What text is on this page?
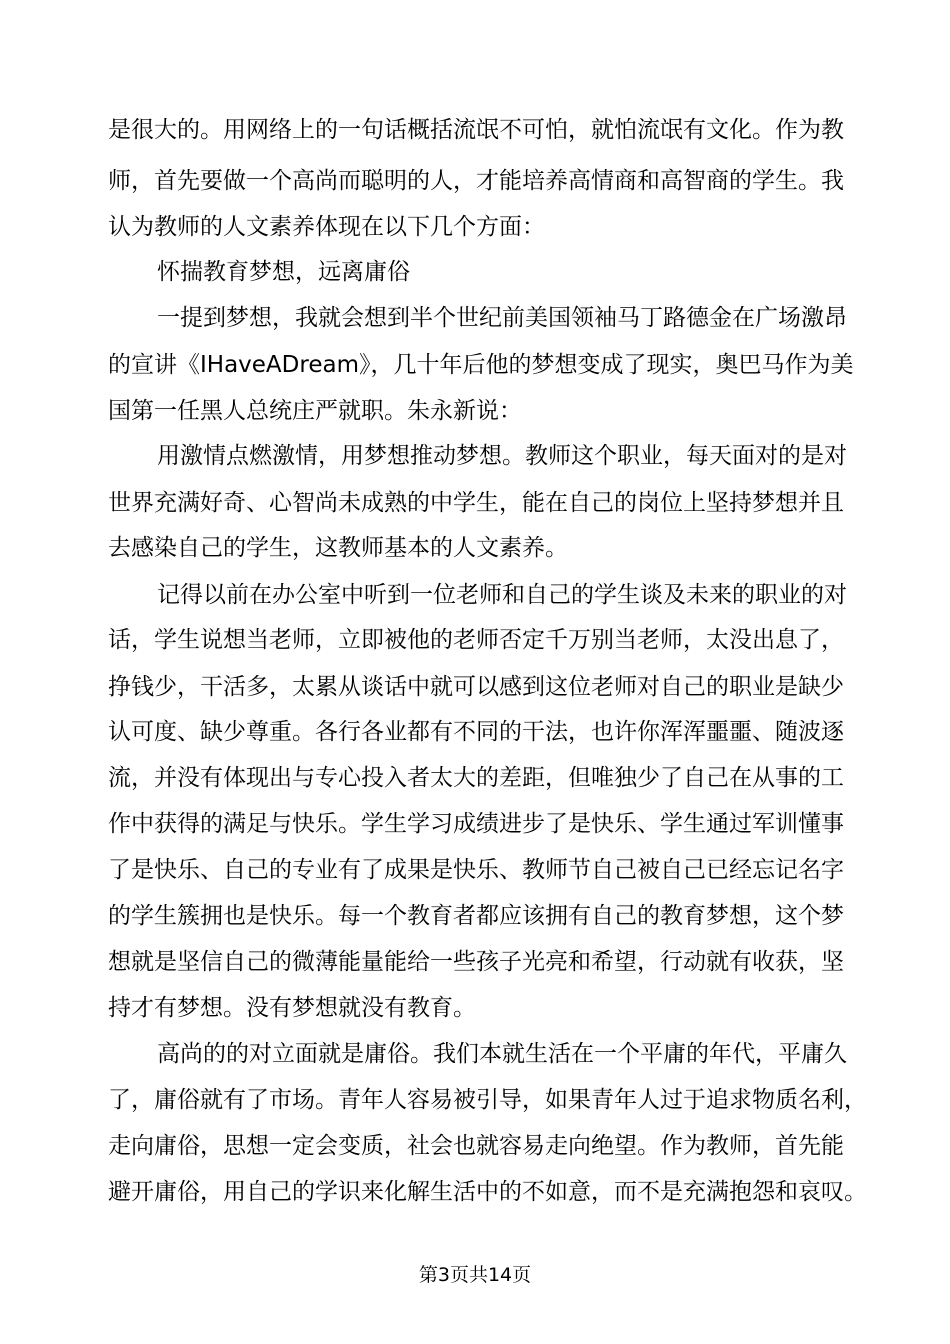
是很大的。用网络上的一句话概括流氓不可怕，就怕流氓有文化。作为教

师，首先要做一个高尚而聪明的人，才能培养高情商和高智商的学生。我

认为教师的人文素养体现在以下几个方面：

怀揣教育梦想，远离庸俗

一提到梦想，我就会想到半个世纪前美国领袖马丁路德金在广场激昂

的宣讲《IHaveADream》，几十年后他的梦想变成了现实，奥巴马作为美

国第一任黑人总统庄严就职。朱永新说：

用激情点燃激情，用梦想推动梦想。教师这个职业，每天面对的是对

世界充满好奇、心智尚未成熟的中学生，能在自己的岗位上坚持梦想并且

去感染自己的学生，这教师基本的人文素养。

记得以前在办公室中听到一位老师和自己的学生谈及未来的职业的对

话，学生说想当老师，立即被他的老师否定千万别当老师，太没出息了，

挣钱少，干活多，太累从谈话中就可以感到这位老师对自己的职业是缺少

认可度、缺少尊重。各行各业都有不同的干法，也许你浑浑噩噩、随波逐

流，并没有体现出与专心投入者太大的差距，但唯独少了自己在从事的工

作中获得的满足与快乐。学生学习成绩进步了是快乐、学生通过军训懂事

了是快乐、自己的专业有了成果是快乐、教师节自己被自己已经忘记名字

的学生簇拥也是快乐。每一个教育者都应该拥有自己的教育梦想，这个梦

想就是坚信自己的微薄能量能给一些孩子光亮和希望，行动就有收获，坚

持才有梦想。没有梦想就没有教育。

高尚的的对立面就是庸俗。我们本就生活在一个平庸的年代，平庸久

了，庸俗就有了市场。青年人容易被引导，如果青年人过于追求物质名利，

走向庸俗，思想一定会变质，社会也就容易走向绝望。作为教师，首先能

避开庸俗，用自己的学识来化解生活中的不如意，而不是充满抱怨和哀叹。

第3页共14页
